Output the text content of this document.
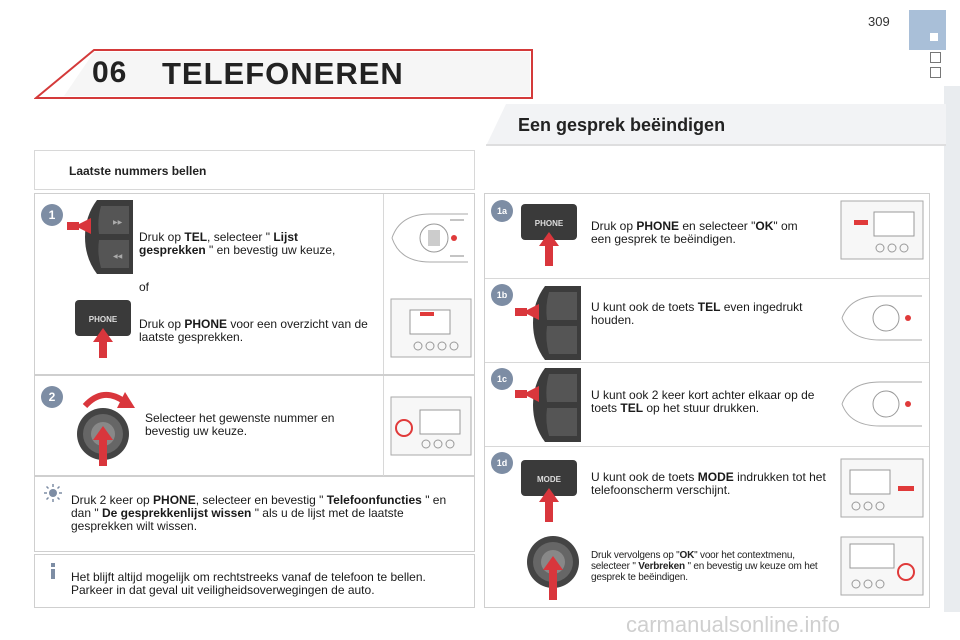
309
06 TELEFONEREN
Een gesprek beëindigen
Laatste nummers bellen
1
▶▶
◀◀
Druk op TEL, selecteer " Lijst gesprekken " en bevestig uw keuze,
of
PHONE Druk op PHONE voor een overzicht van de laatste gesprekken.
2
Selecteer het gewenste nummer en bevestig uw keuze.
Druk 2 keer op PHONE, selecteer en bevestig " Telefoonfuncties " en dan " De gesprekkenlijst wissen " als u de lijst met de laatste gesprekken wilt wissen.
Het blijft altijd mogelijk om rechtstreeks vanaf de telefoon te bellen. Parkeer in dat geval uit veiligheidsoverwegingen de auto.
1a
PHONE Druk op PHONE en selecteer "OK" om een gesprek te beëindigen.
1b
U kunt ook de toets TEL even ingedrukt houden.
1c
U kunt ook 2 keer kort achter elkaar op de toets TEL op het stuur drukken.
1d
MODE	U kunt ook de toets MODE indrukken tot het telefoonscherm verschijnt.
Druk vervolgens op "OK" voor het contextmenu, selecteer " Verbreken " en bevestig uw keuze om het gesprek te beëindigen.
carmanualsonline.info
